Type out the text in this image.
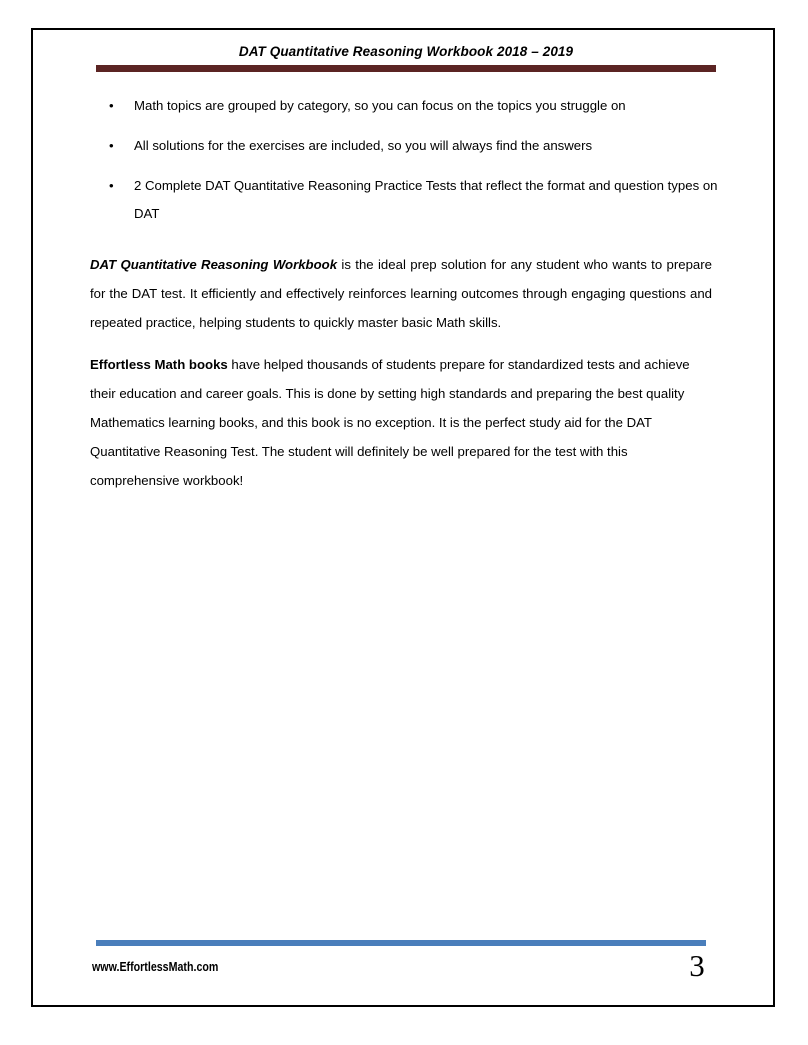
DAT Quantitative Reasoning Workbook 2018 – 2019
• Math topics are grouped by category, so you can focus on the topics you struggle on
• All solutions for the exercises are included, so you will always find the answers
• 2 Complete DAT Quantitative Reasoning Practice Tests that reflect the format and question types on DAT

DAT Quantitative Reasoning Workbook is the ideal prep solution for any student who wants to prepare for the DAT test. It efficiently and effectively reinforces learning outcomes through engaging questions and repeated practice, helping students to quickly master basic Math skills.

Effortless Math books have helped thousands of students prepare for standardized tests and achieve their education and career goals. This is done by setting high standards and preparing the best quality Mathematics learning books, and this book is no exception. It is the perfect study aid for the DAT Quantitative Reasoning Test. The student will definitely be well prepared for the test with this comprehensive workbook!

www.EffortlessMath.com	3
